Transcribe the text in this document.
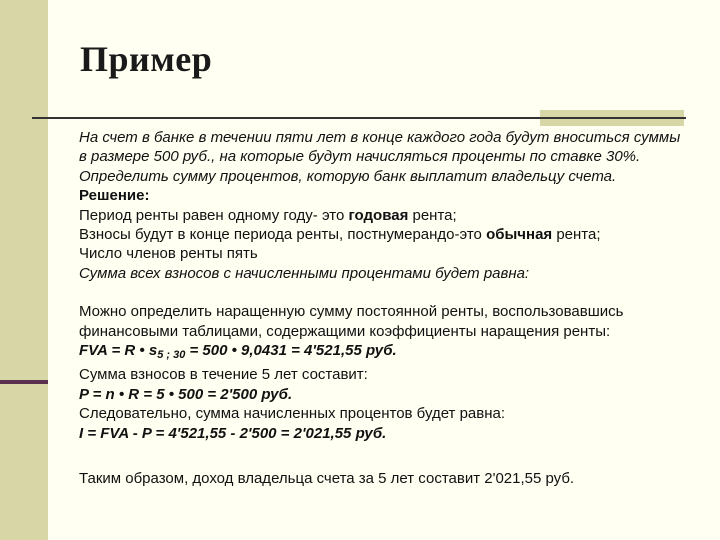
Пример

На счет в банке в течении пяти лет в конце каждого года будут вноситься суммы в размере 500 руб., на которые будут начисляться проценты по ставке 30%. Определить сумму процентов, которую банк выплатит владельцу счета.

Решение:

Период ренты равен одному году- это годовая рента;

Взносы будут в конце периода ренты, постнумерандо-это обычная рента;

Число членов ренты пять

Сумма всех взносов с начисленными процентами будет равна:

Можно определить наращенную сумму постоянной ренты, воспользовавшись финансовыми таблицами, содержащими коэффициенты наращения ренты:

FVA = R • $s_{5 ; 30} = 500$ • 9,0431 = 4'521,55 руб.

Сумма взносов в течение 5 лет составит:

P = n • R = 5 • 500 = 2'500 руб.

Следовательно, сумма начисленных процентов будет равна:

I = FVA - P = 4'521,55 - 2'500 = 2'021,55 руб.

Таким образом, доход владельца счета за 5 лет составит 2'021,55 руб.
